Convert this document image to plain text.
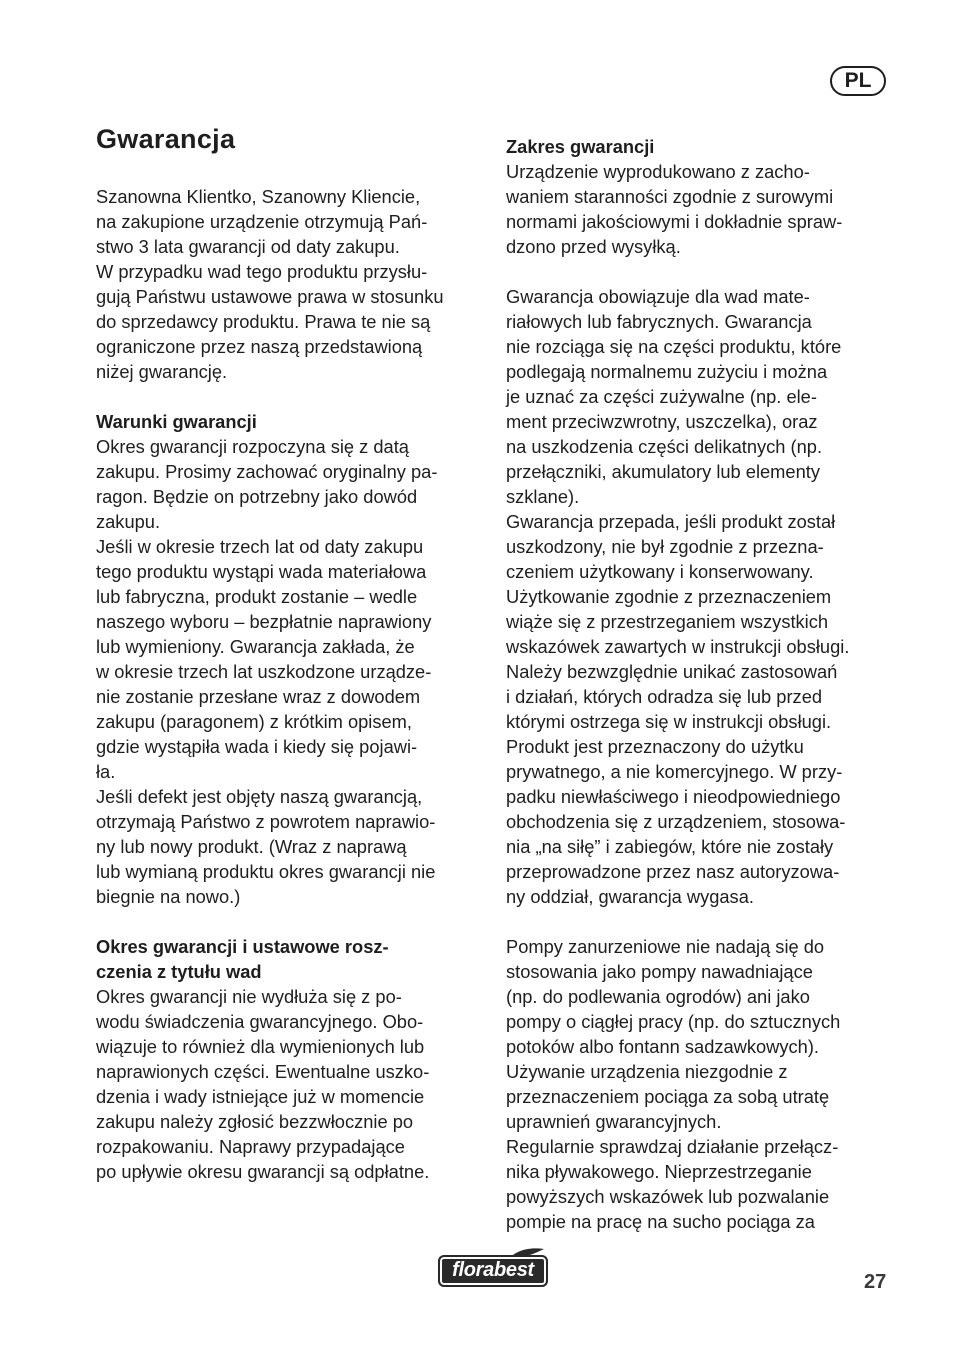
PL
Gwarancja
Szanowna Klientko, Szanowny Kliencie,
na zakupione urządzenie otrzymują Pań-
stwo 3 lata gwarancji od daty zakupu.
W przypadku wad tego produktu przysłu-
gują Państwu ustawowe prawa w stosunku
do sprzedawcy produktu. Prawa te nie są
ograniczone przez naszą przedstawioną
niżej gwarancję.
Warunki gwarancji
Okres gwarancji rozpoczyna się z datą
zakupu. Prosimy zachować oryginalny pa-
ragon. Będzie on potrzebny jako dowód
zakupu.
Jeśli w okresie trzech lat od daty zakupu
tego produktu wystąpi wada materiałowa
lub fabryczna, produkt zostanie – wedle
naszego wyboru – bezpłatnie naprawiony
lub wymieniony. Gwarancja zakłada, że
w okresie trzech lat uszkodzone urządze-
nie zostanie przesłane wraz z dowodem
zakupu (paragonem) z krótkim opisem,
gdzie wystąpiła wada i kiedy się pojawi-
ła.
Jeśli defekt jest objęty naszą gwarancją,
otrzymają Państwo z powrotem naprawio-
ny lub nowy produkt. (Wraz z naprawą
lub wymianą produktu okres gwarancji nie
biegnie na nowo.)
Okres gwarancji i ustawowe rosz-
czenia z tytułu wad
Okres gwarancji nie wydłuża się z po-
wodu świadczenia gwarancyjnego. Obo-
wiązuje to również dla wymienionych lub
naprawionych części. Ewentualne uszko-
dzenia i wady istniejące już w momencie
zakupu należy zgłosić bezzwłocznie po
rozpakowaniu. Naprawy przypadające
po upływie okresu gwarancji są odpłatne.
Zakres gwarancji
Urządzenie wyprodukowano z zacho-
waniem staranności zgodnie z surowymi
normami jakościowymi i dokładnie spraw-
dzono przed wysyłką.
Gwarancja obowiązuje dla wad mate-
riałowych lub fabrycznych. Gwarancja
nie rozciąga się na części produktu, które
podlegają normalnemu zużyciu i można
je uznać za części zużywalne (np. ele-
ment przeciwzwrotny, uszczelka), oraz
na uszkodzenia części delikatnych (np.
przełączniki, akumulatory lub elementy
szklane).
Gwarancja przepada, jeśli produkt został
uszkodzony, nie był zgodnie z przezna-
czeniem użytkowany i konserwowany.
Użytkowanie zgodnie z przeznaczeniem
wiąże się z przestrzeganiem wszystkich
wskazówek zawartych w instrukcji obsługi.
Należy bezwzględnie unikać zastosowań
i działań, których odradza się lub przed
którymi ostrzega się w instrukcji obsługi.
Produkt jest przeznaczony do użytku
prywatnego, a nie komercyjnego. W przy-
padku niewłaściwego i nieodpowiedniego
obchodzenia się z urządzeniem, stosowa-
nia „na siłę” i zabiegów, które nie zostały
przeprowadzone przez nasz autoryzowa-
ny oddział, gwarancja wygasa.
Pompy zanurzeniowe nie nadają się do
stosowania jako pompy nawadniające
(np. do podlewania ogrodów) ani jako
pompy o ciągłej pracy (np. do sztucznych
potoków albo fontann sadzawkowych).
Używanie urządzenia niezgodnie z
przeznaczeniem pociąga za sobą utratę
uprawnień gwarancyjnych.
Regularnie sprawdzaj działanie przełącz-
nika pływakowego. Nieprzestrzeganie
powyższych wskazówek lub pozwalanie
pompie na pracę na sucho pociąga za
florabest
27
